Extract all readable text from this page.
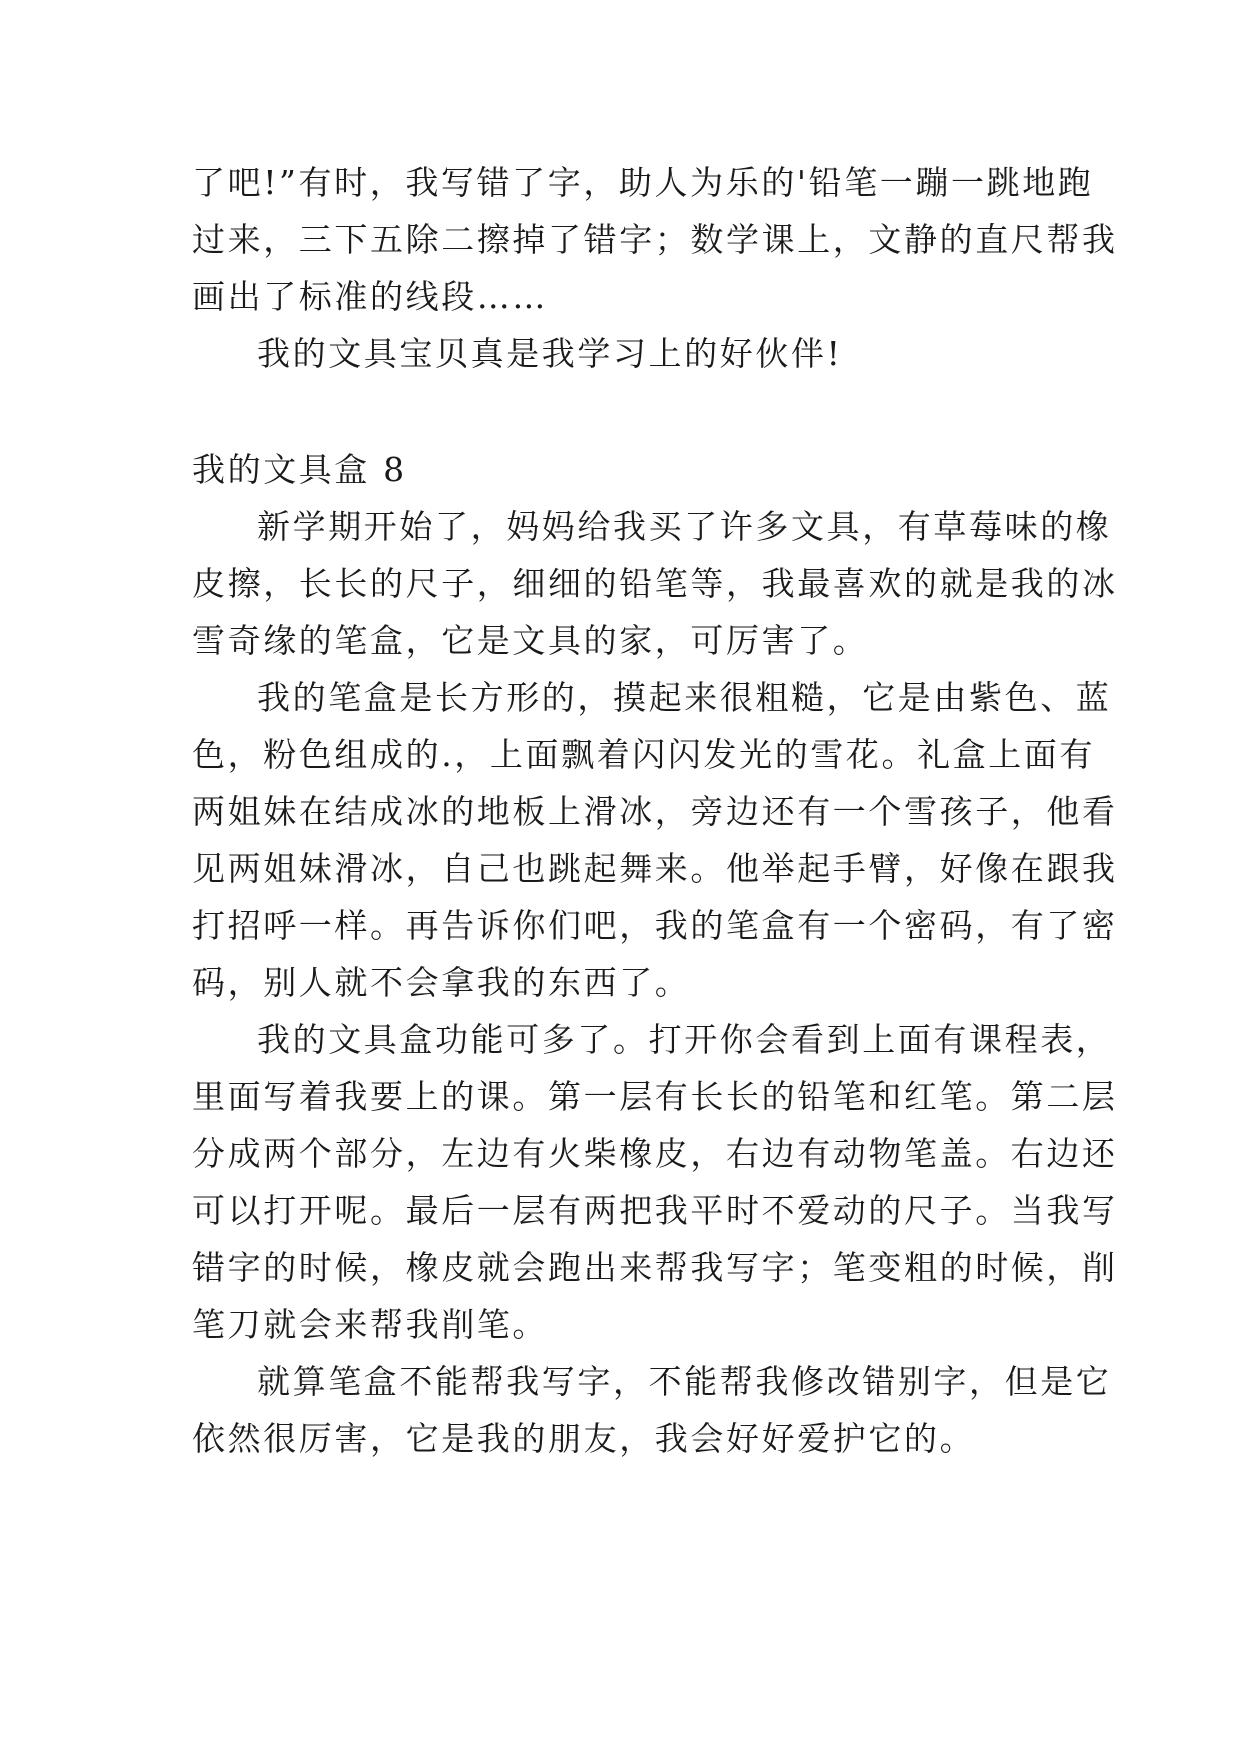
了吧!”有时，我写错了字，助人为乐的'铅笔一蹦一跳地跑
过来，三下五除二擦掉了错字；数学课上，文静的直尺帮我
画出了标准的线段……
我的文具宝贝真是我学习上的好伙伴!
我的文具盒 8
新学期开始了，妈妈给我买了许多文具，有草莓味的橡
皮擦，长长的尺子，细细的铅笔等，我最喜欢的就是我的冰
雪奇缘的笔盒，它是文具的家，可厉害了。
我的笔盒是长方形的，摸起来很粗糙，它是由紫色、蓝
色，粉色组成的.，上面飘着闪闪发光的雪花。礼盒上面有
两姐妹在结成冰的地板上滑冰，旁边还有一个雪孩子，他看
见两姐妹滑冰，自己也跳起舞来。他举起手臂，好像在跟我
打招呼一样。再告诉你们吧，我的笔盒有一个密码，有了密
码，别人就不会拿我的东西了。
我的文具盒功能可多了。打开你会看到上面有课程表，
里面写着我要上的课。第一层有长长的铅笔和红笔。第二层
分成两个部分，左边有火柴橡皮，右边有动物笔盖。右边还
可以打开呢。最后一层有两把我平时不爱动的尺子。当我写
错字的时候，橡皮就会跑出来帮我写字；笔变粗的时候，削
笔刀就会来帮我削笔。
就算笔盒不能帮我写字，不能帮我修改错别字，但是它
依然很厉害，它是我的朋友，我会好好爱护它的。
